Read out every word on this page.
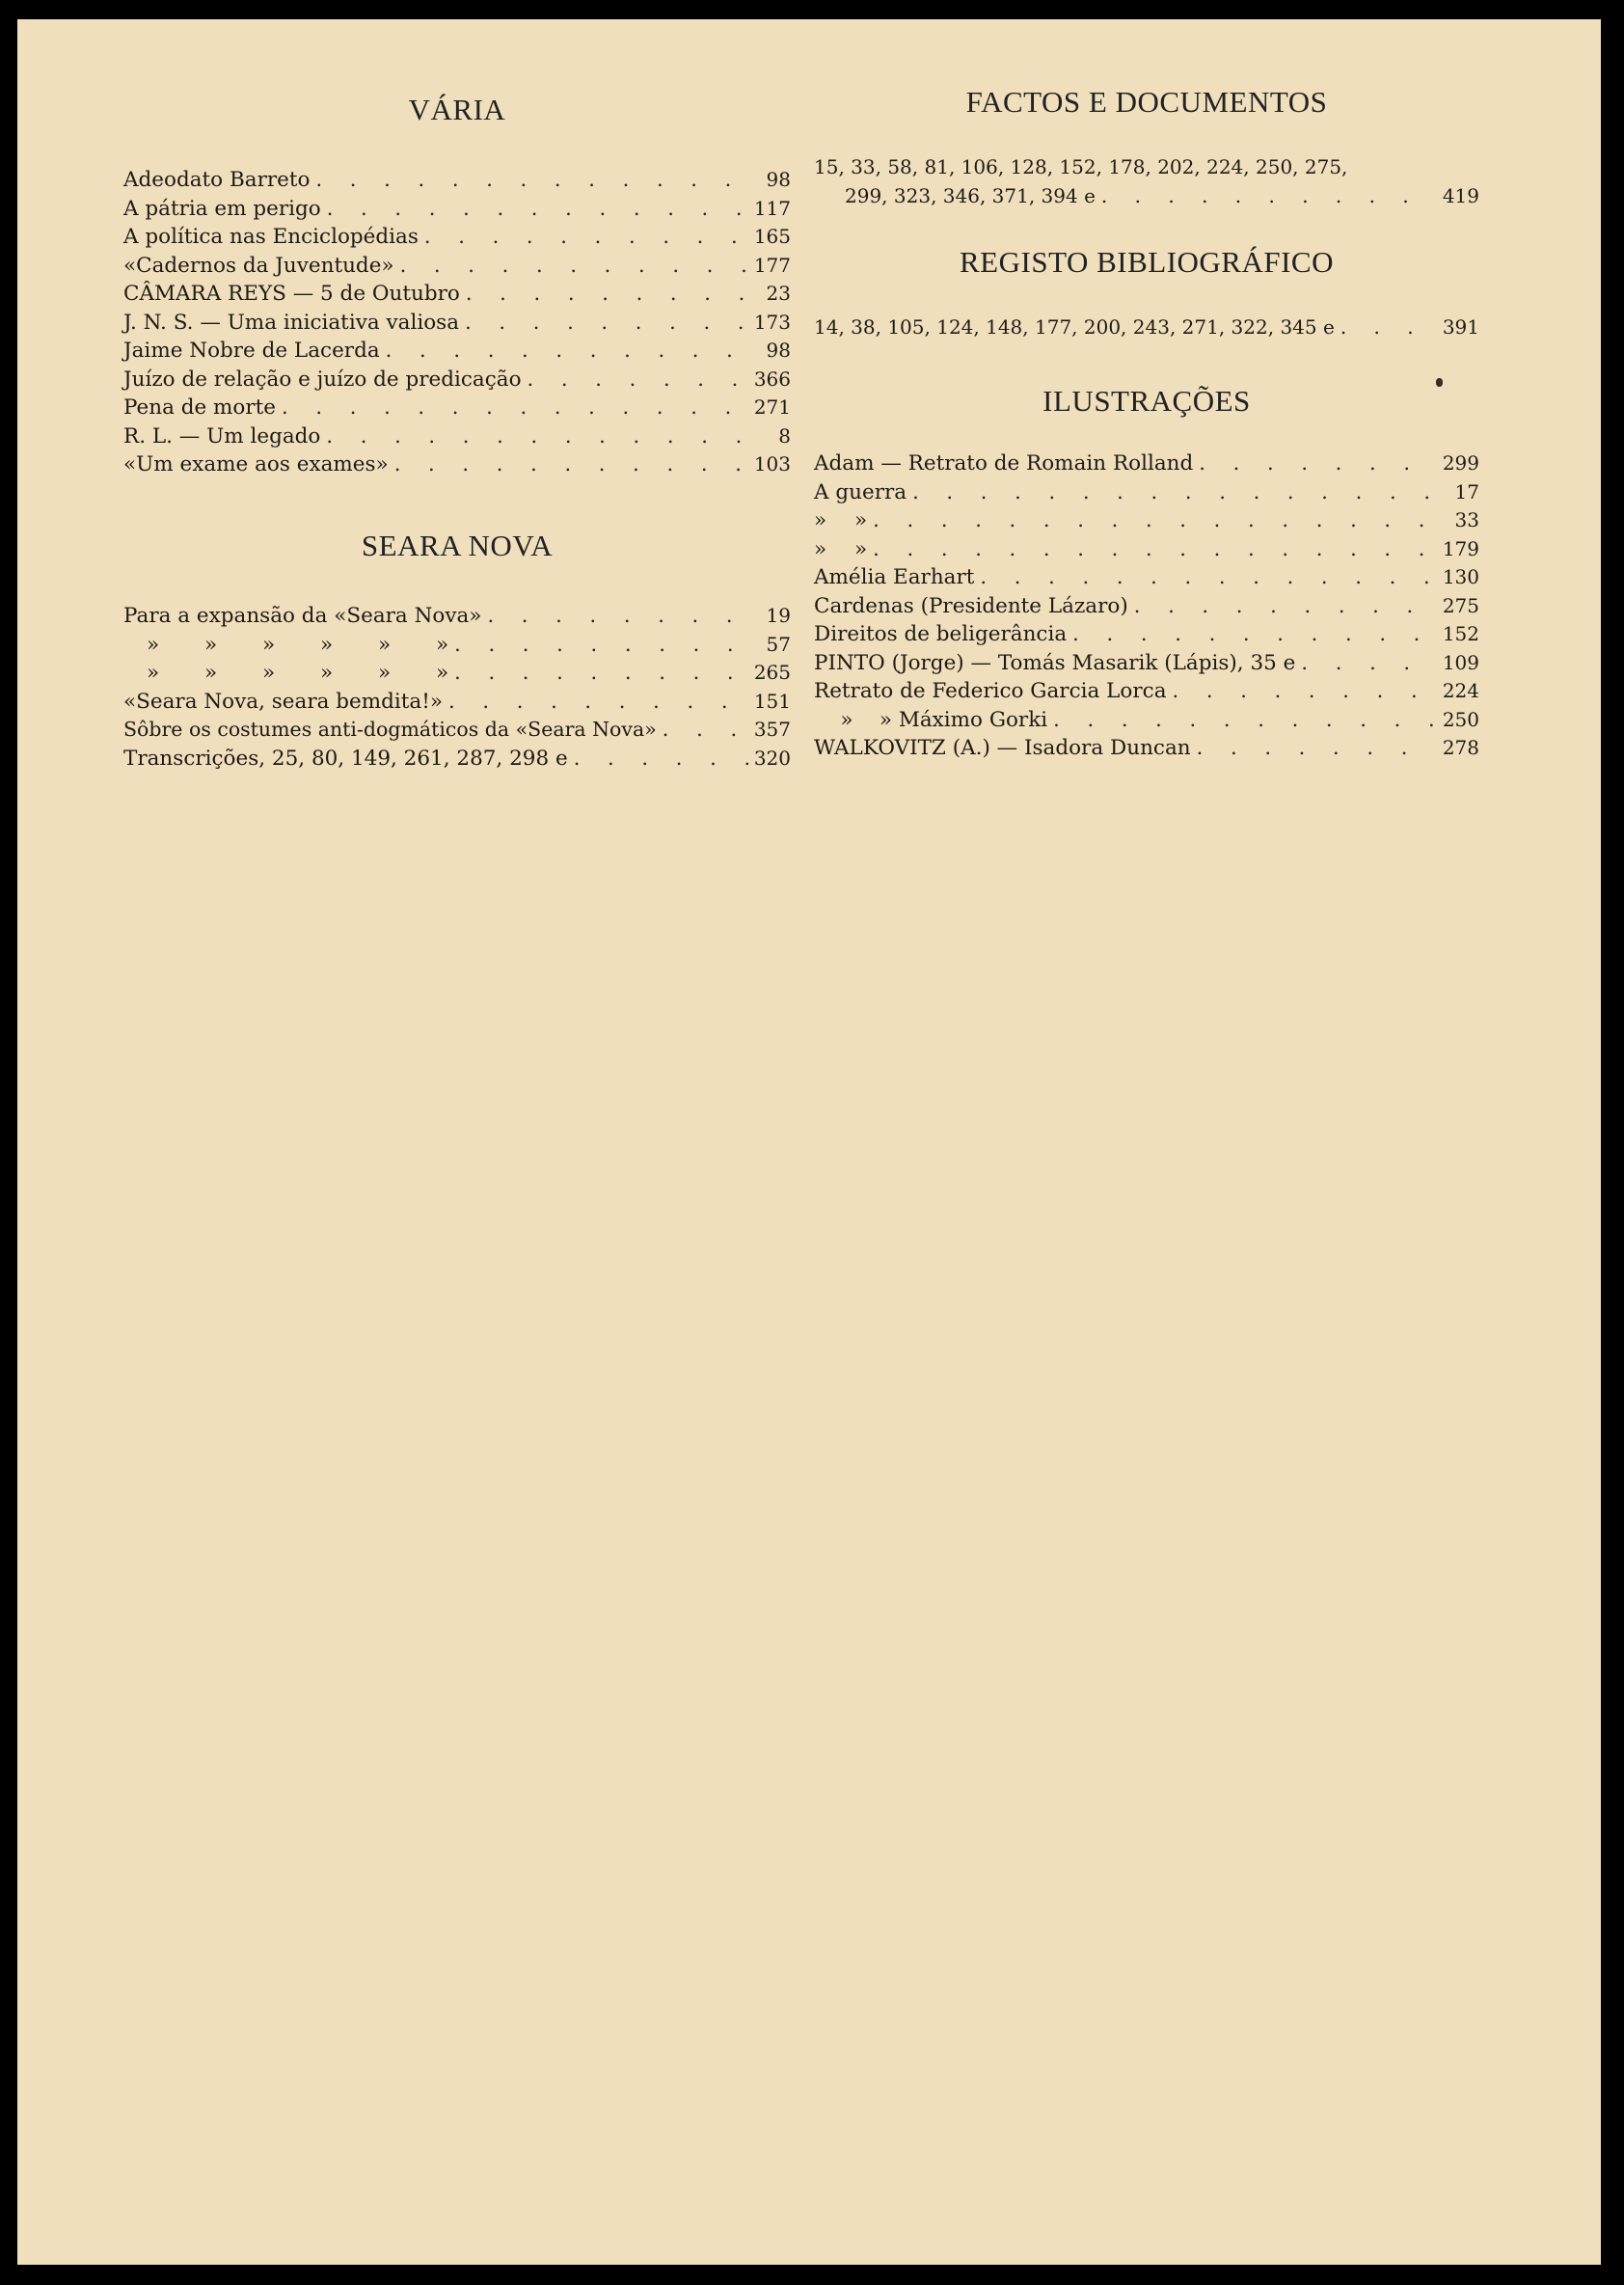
VÁRIA
Adeodato Barreto . . .	98
A pátria em perigo . . .	117
A política nas Enciclopédias . . .	165
«Cadernos da Juventude» . . .	177
CÂMARA REYS — 5 de Outubro . . .	23
J. N. S. — Uma iniciativa valiosa . . .	173
Jaime Nobre de Lacerda . . .	98
Juízo de relação e juízo de predicação . . .	366
Pena de morte . . .	271
R. L. — Um legado . . .	8
«Um exame aos exames» . . .	103
SEARA NOVA
Para a expansão da «Seara Nova» . . .	19
» » » » » » . . .	57
» » » » » » . . .	265
«Seara Nova, seara bemdita!» . . .	151
Sôbre os costumes anti-dogmáticos da «Seara Nova» . . .	357
Transcrições, 25, 80, 149, 261, 287, 298 e . . .	320
FACTOS E DOCUMENTOS
15, 33, 58, 81, 106, 128, 152, 178, 202, 224, 250, 275,
299, 323, 346, 371, 394 e . . .	419
REGISTO BIBLIOGRÁFICO
14, 38, 105, 124, 148, 177, 200, 243, 271, 322, 345 e . . .	391
ILUSTRAÇÕES
Adam — Retrato de Romain Rolland . . .	299
A guerra . . .	17
» » . . .	33
» » . . .	179
Amélia Earhart . . .	130
Cardenas (Presidente Lázaro) . . .	275
Direitos de beligerância . . .	152
PINTO (Jorge) — Tomás Masarik (Lápis), 35 e . . .	109
Retrato de Federico Garcia Lorca . . .	224
»    » Máximo Gorki . . .	250
WALKOVITZ (A.) — Isadora Duncan . . .	278
